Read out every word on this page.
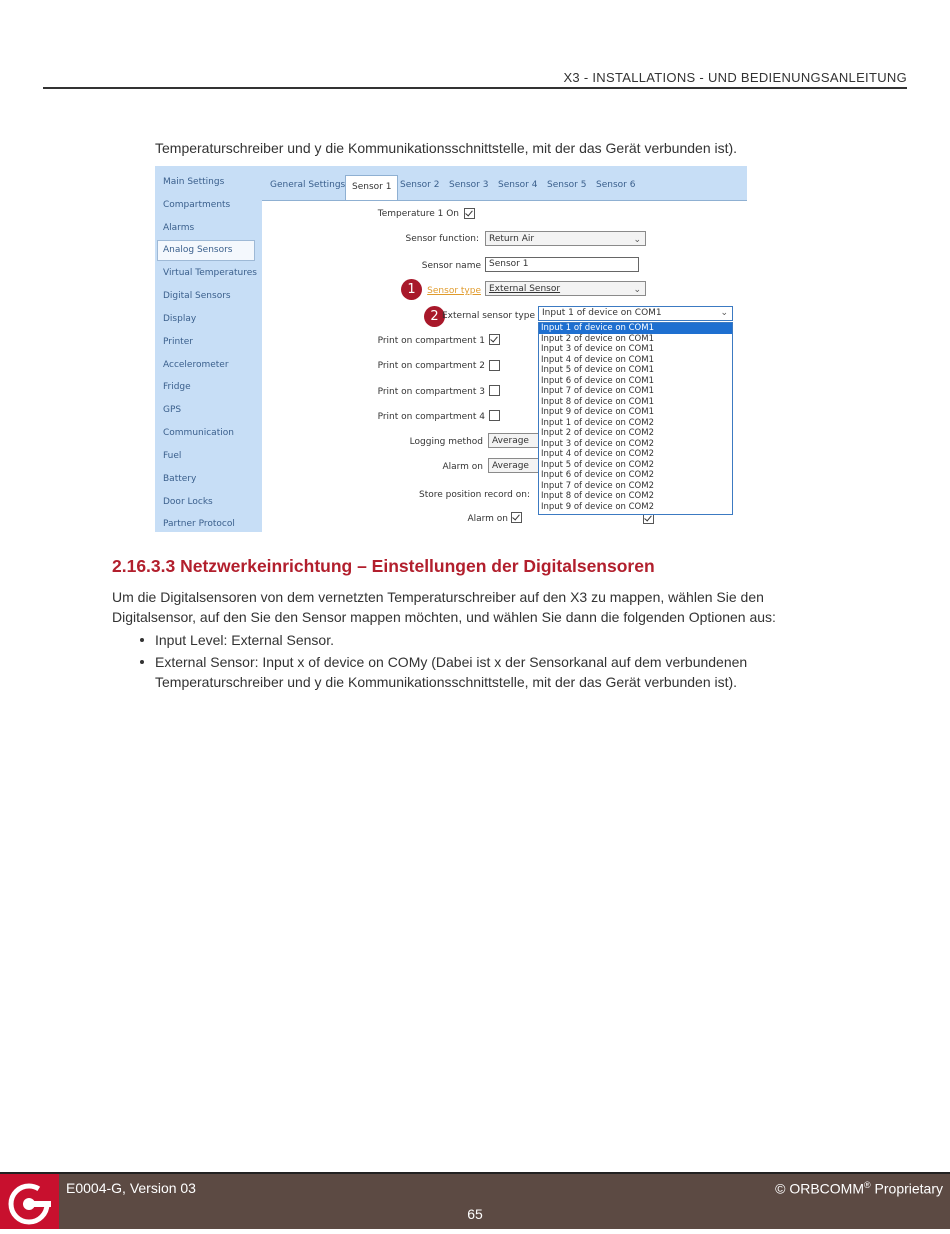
X3 - INSTALLATIONS - UND BEDIENUNGSANLEITUNG
Temperaturschreiber und y die Kommunikationsschnittstelle, mit der das Gerät verbunden ist).
Main Settings
Compartments
Alarms
Analog Sensors
Virtual Temperatures
Digital Sensors
Display
Printer
Accelerometer
Fridge
GPS
Communication
Fuel
Battery
Door Locks
Partner Protocol
General Settings Sensor 1 Sensor 2 Sensor 3 Sensor 4 Sensor 5 Sensor 6
Temperature 1 On
Sensor function:	Return Air	⌄
Sensor name Sensor 1
1	Sensor type External Sensor	⌄
2 External sensor type Input 1 of device on COM1	⌄
Print on compartment 1
Print on compartment 2
Print on compartment 3
Print on compartment 4
Logging method	Average
Alarm on	Average
Store position record on:
Alarm on
Input 1 of device on COM1
Input 2 of device on COM1
Input 3 of device on COM1
Input 4 of device on COM1
Input 5 of device on COM1
Input 6 of device on COM1
Input 7 of device on COM1
Input 8 of device on COM1
Input 9 of device on COM1
Input 1 of device on COM2
Input 2 of device on COM2
Input 3 of device on COM2
Input 4 of device on COM2
Input 5 of device on COM2
Input 6 of device on COM2
Input 7 of device on COM2
Input 8 of device on COM2
Input 9 of device on COM2
2.16.3.3 Netzwerkeinrichtung – Einstellungen der Digitalsensoren
Um die Digitalsensoren von dem vernetzten Temperaturschreiber auf den X3 zu mappen, wählen Sie den Digitalsensor, auf den Sie den Sensor mappen möchten, und wählen Sie dann die folgenden Optionen aus:
Input Level: External Sensor.
External Sensor: Input x of device on COMy (Dabei ist x der Sensorkanal auf dem verbundenen Temperaturschreiber und y die Kommunikationsschnittstelle, mit der das Gerät verbunden ist).
E0004-G, Version 03	© ORBCOMM® Proprietary
65
